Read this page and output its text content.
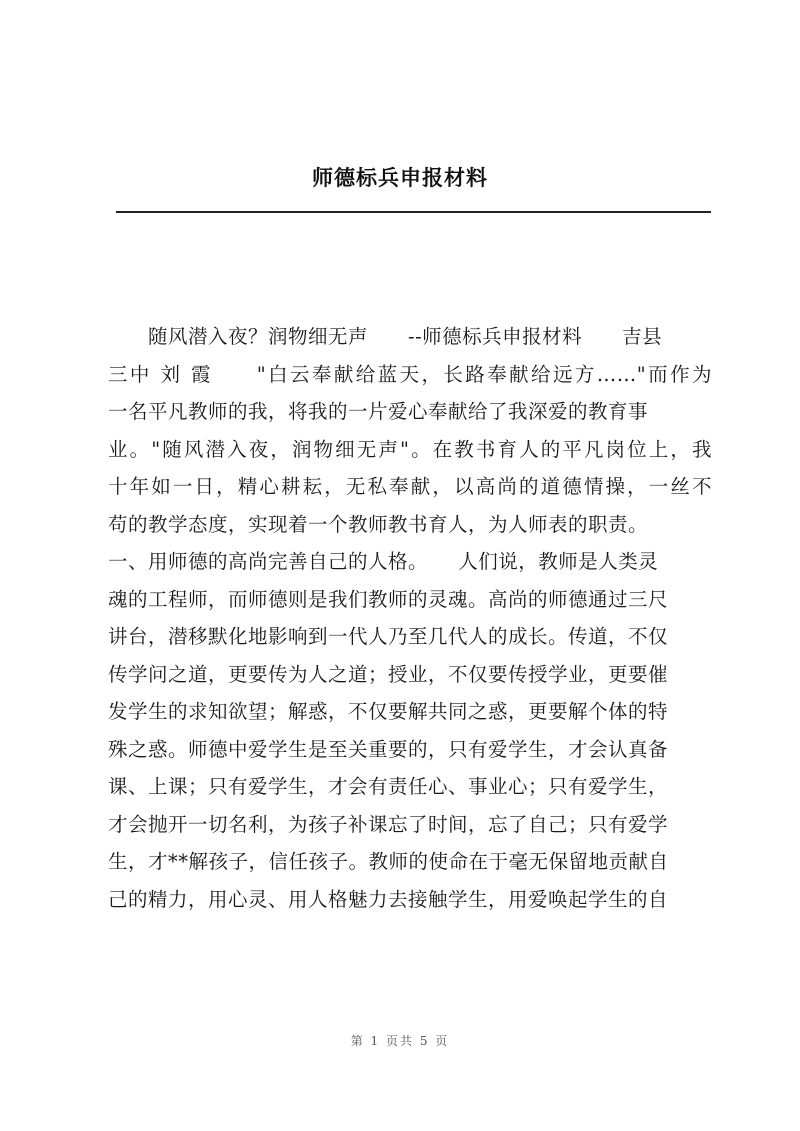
师德标兵申报材料
　　随风潜入夜？润物细无声　　--师德标兵申报材料　　吉县
三中 刘 霞　　"白云奉献给蓝天，长路奉献给远方……"而作为
一名平凡教师的我，将我的一片爱心奉献给了我深爱的教育事
业。"随风潜入夜，润物细无声"。在教书育人的平凡岗位上，我
十年如一日，精心耕耘，无私奉献，以高尚的道德情操，一丝不
苟的教学态度，实现着一个教师教书育人，为人师表的职责。
一、用师德的高尚完善自己的人格。　　人们说，教师是人类灵
魂的工程师，而师德则是我们教师的灵魂。高尚的师德通过三尺
讲台，潜移默化地影响到一代人乃至几代人的成长。传道，不仅
传学问之道，更要传为人之道；授业，不仅要传授学业，更要催
发学生的求知欲望；解惑，不仅要解共同之惑，更要解个体的特
殊之惑。师德中爱学生是至关重要的，只有爱学生，才会认真备
课、上课；只有爱学生，才会有责任心、事业心；只有爱学生，
才会抛开一切名利，为孩子补课忘了时间，忘了自己；只有爱学
生，才**解孩子，信任孩子。教师的使命在于毫无保留地贡献自
己的精力，用心灵、用人格魅力去接触学生，用爱唤起学生的自
第 1 页共 5 页
